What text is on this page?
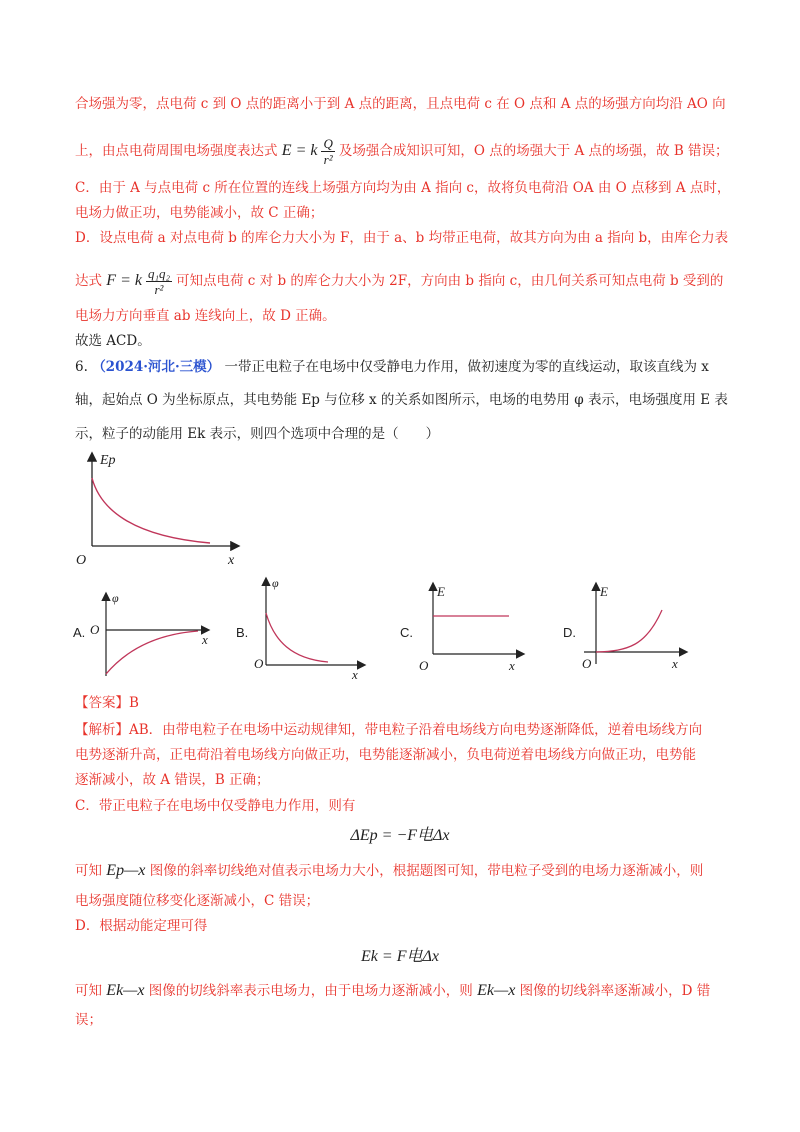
合场强为零，点电荷 c 到 O 点的距离小于到 A 点的距离，且点电荷 c 在 O 点和 A 点的场强方向均沿 AO 向
上，由点电荷周围电场强度表达式 E = k $\frac{Q}{\text{r²}}$ 及场强合成知识可知，O 点的场强大于 A 点的场强，故 B 错误；
C．由于 A 与点电荷 c 所在位置的连线上场强方向均为由 A 指向 c，故将负电荷沿 OA 由 O 点移到 A 点时，
电场力做正功，电势能减小，故 C 正确；
D．设点电荷 a 对点电荷 b 的库仑力大小为 F，由于 a、b 均带正电荷，故其方向为由 a 指向 b，由库仑力表
达式 F = k $\frac{\text{q₁q₂}}{\text{r²}}$ 可知点电荷 c 对 b 的库仑力大小为 2F，方向由 b 指向 c，由几何关系可知点电荷 b 受到的
电场力方向垂直 ab 连线向上，故 D 正确。
故选 ACD。
6. （2024·河北·三模） 一带正电粒子在电场中仅受静电力作用，做初速度为零的直线运动，取该直线为 x
轴，起始点 O 为坐标原点，其电势能 Ep 与位移 x 的关系如图所示，电场的电势用 φ 表示，电场强度用 E 表
示，粒子的动能用 Ek 表示，则四个选项中合理的是（　　）
Ep
x
O
A.
φ
x
O	B.
φ
x
O
C.
E
x
O
D.
E
x
O
【答案】B
【解析】AB．由带电粒子在电场中运动规律知，带电粒子沿着电场线方向电势逐渐降低，逆着电场线方向
电势逐渐升高，正电荷沿着电场线方向做正功，电势能逐渐减小，负电荷逆着电场线方向做正功，电势能
逐渐减小，故 A 错误，B 正确；
C．带正电粒子在电场中仅受静电力作用，则有
ΔEp = −F电Δx
可知 Ep—x 图像的斜率切线绝对值表示电场力大小，根据题图可知，带电粒子受到的电场力逐渐减小，则
电场强度随位移变化逐渐减小，C 错误；
D．根据动能定理可得
Ek = F电Δx
可知 Ek—x 图像的切线斜率表示电场力，由于电场力逐渐减小，则 Ek—x 图像的切线斜率逐渐减小，D 错
误；
